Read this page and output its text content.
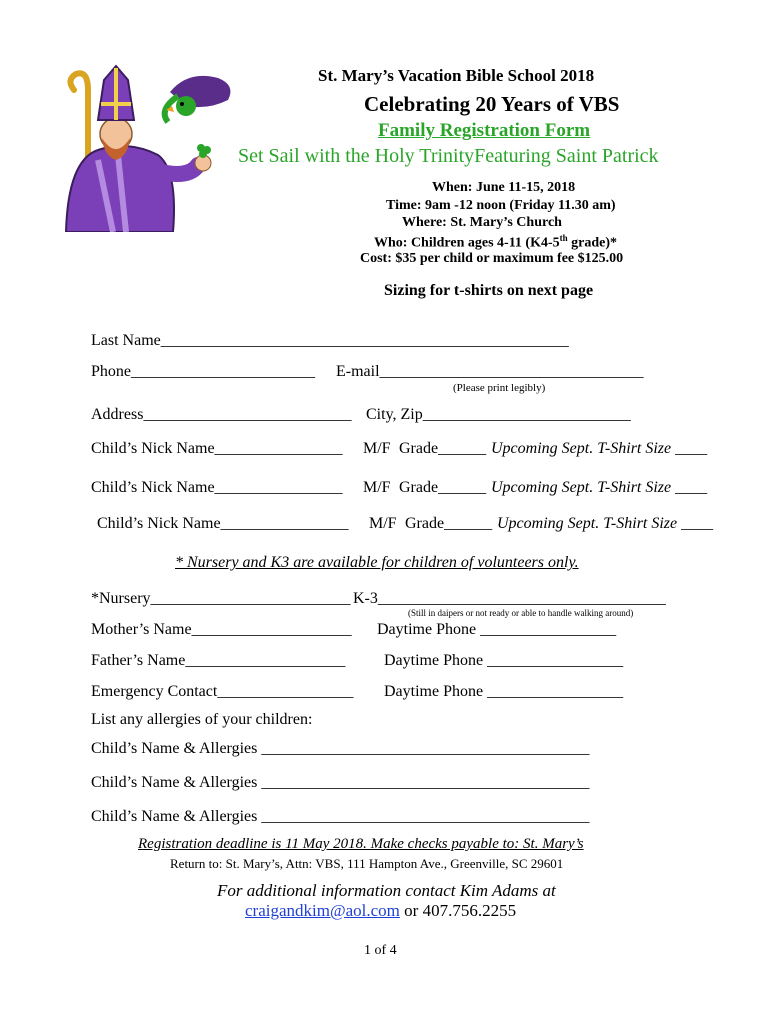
St. Mary’s Vacation Bible School 2018
Celebrating 20 Years of VBS
Family Registration Form
Set Sail with the Holy TrinityFeaturing Saint Patrick
When: June 11-15, 2018
Time: 9am -12 noon (Friday 11.30 am)
Where: St. Mary’s Church
Who: Children ages 4-11 (K4-5th grade)*
Cost: $35 per child or maximum fee $125.00
Sizing for t-shirts on next page
Last Name___________________________________________________
Phone_______________________ E-mail_________________________________
(Please print legibly)
Address__________________________ City, Zip__________________________
Child’s Nick Name________________ M/F Grade______ Upcoming Sept. T-Shirt Size ____
Child’s Nick Name________________ M/F Grade______ Upcoming Sept. T-Shirt Size ____
Child’s Nick Name________________ M/F Grade______ Upcoming Sept. T-Shirt Size ____
* Nursery and K3 are available for children of volunteers only.
*Nursery_________________________ K-3____________________________________
(Still in daipers or not ready or able to handle walking around)
Mother’s Name____________________ Daytime Phone _________________
Father’s Name____________________ Daytime Phone _________________
Emergency Contact_________________ Daytime Phone _________________
List any allergies of your children:
Child’s Name & Allergies _________________________________________
Child’s Name & Allergies _________________________________________
Child’s Name & Allergies _________________________________________
Registration deadline is 11 May 2018. Make checks payable to: St. Mary’s
Return to: St. Mary’s, Attn: VBS, 111 Hampton Ave., Greenville, SC 29601
For additional information contact Kim Adams at
craigandkim@aol.com or 407.756.2255
1 of 4
